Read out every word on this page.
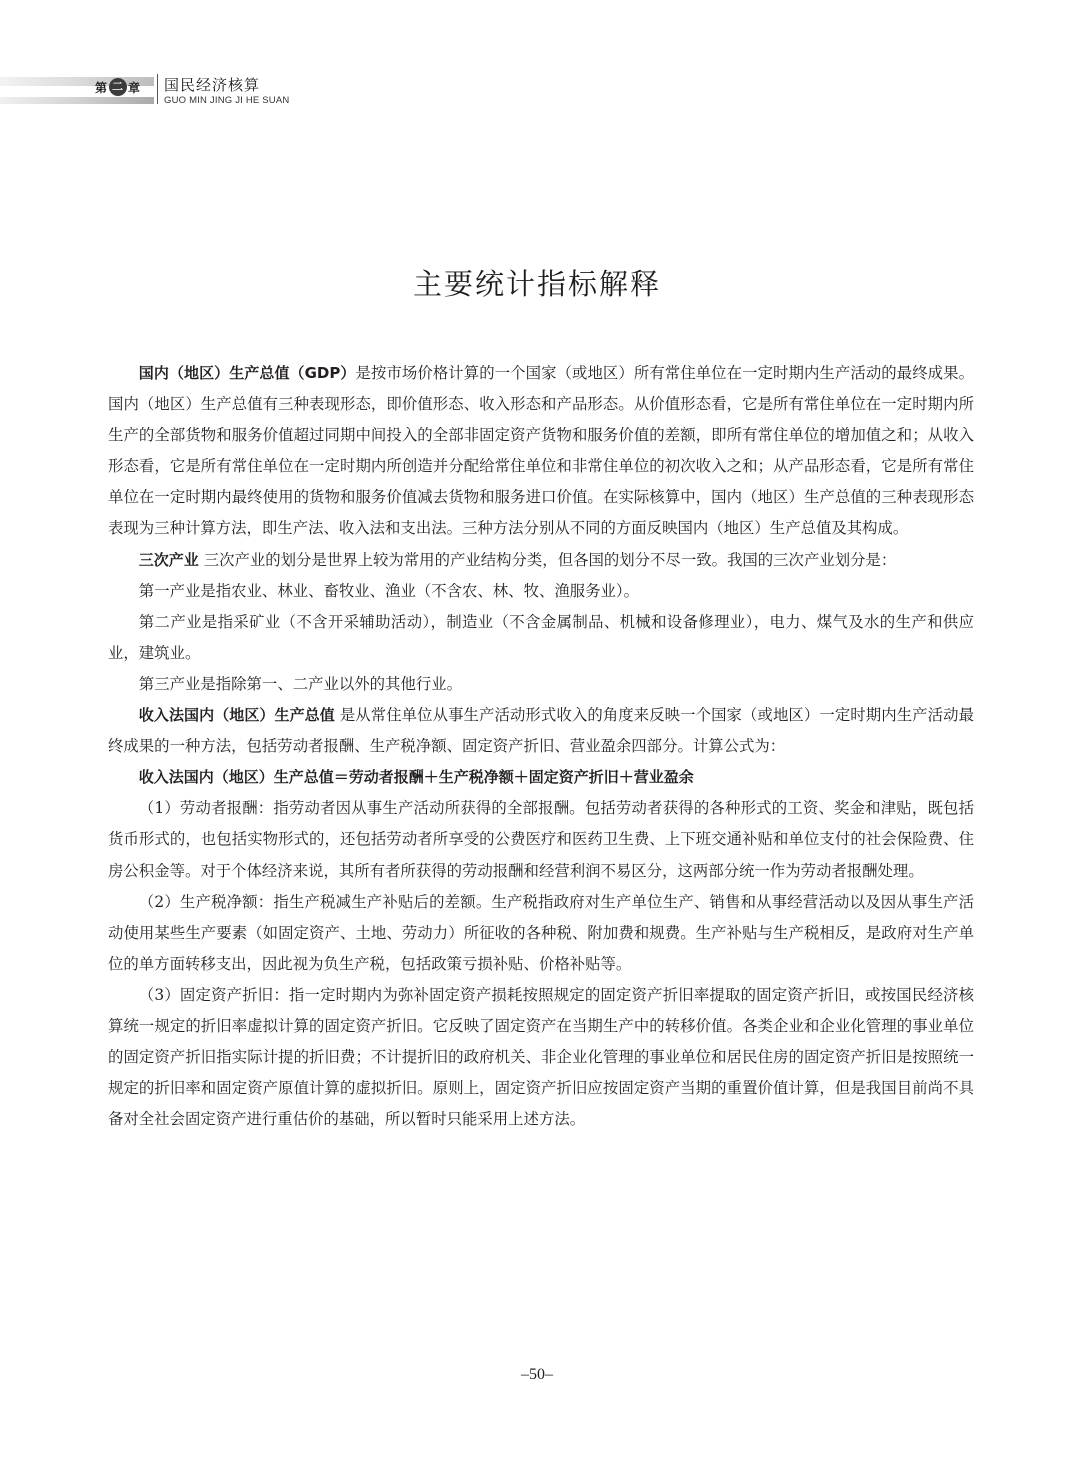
第 二 章 国民经济核算
GUO MIN JING JI HE SUAN
主要统计指标解释

国内（地区）生产总值（GDP）是按市场价格计算的一个国家（或地区）所有常住单位在一定时期内生产活动的最终成果。国内（地区）生产总值有三种表现形态，即价值形态、收入形态和产品形态。从价值形态看，它是所有常住单位在一定时期内所生产的全部货物和服务价值超过同期中间投入的全部非固定资产货物和服务价值的差额，即所有常住单位的增加值之和；从收入形态看，它是所有常住单位在一定时期内所创造并分配给常住单位和非常住单位的初次收入之和；从产品形态看，它是所有常住单位在一定时期内最终使用的货物和服务价值减去货物和服务进口价值。在实际核算中，国内（地区）生产总值的三种表现形态表现为三种计算方法，即生产法、收入法和支出法。三种方法分别从不同的方面反映国内（地区）生产总值及其构成。

三次产业 三次产业的划分是世界上较为常用的产业结构分类，但各国的划分不尽一致。我国的三次产业划分是：

第一产业是指农业、林业、畜牧业、渔业（不含农、林、牧、渔服务业）。

第二产业是指采矿业（不含开采辅助活动），制造业（不含金属制品、机械和设备修理业），电力、煤气及水的生产和供应业，建筑业。

第三产业是指除第一、二产业以外的其他行业。

收入法国内（地区）生产总值 是从常住单位从事生产活动形式收入的角度来反映一个国家（或地区）一定时期内生产活动最终成果的一种方法，包括劳动者报酬、生产税净额、固定资产折旧、营业盈余四部分。计算公式为：

收入法国内（地区）生产总值＝劳动者报酬＋生产税净额＋固定资产折旧＋营业盈余

（1）劳动者报酬：指劳动者因从事生产活动所获得的全部报酬。包括劳动者获得的各种形式的工资、奖金和津贴，既包括货币形式的，也包括实物形式的，还包括劳动者所享受的公费医疗和医药卫生费、上下班交通补贴和单位支付的社会保险费、住房公积金等。对于个体经济来说，其所有者所获得的劳动报酬和经营利润不易区分，这两部分统一作为劳动者报酬处理。

（2）生产税净额：指生产税减生产补贴后的差额。生产税指政府对生产单位生产、销售和从事经营活动以及因从事生产活动使用某些生产要素（如固定资产、土地、劳动力）所征收的各种税、附加费和规费。生产补贴与生产税相反，是政府对生产单位的单方面转移支出，因此视为负生产税，包括政策亏损补贴、价格补贴等。

（3）固定资产折旧：指一定时期内为弥补固定资产损耗按照规定的固定资产折旧率提取的固定资产折旧，或按国民经济核算统一规定的折旧率虚拟计算的固定资产折旧。它反映了固定资产在当期生产中的转移价值。各类企业和企业化管理的事业单位的固定资产折旧指实际计提的折旧费；不计提折旧的政府机关、非企业化管理的事业单位和居民住房的固定资产折旧是按照统一规定的折旧率和固定资产原值计算的虚拟折旧。原则上，固定资产折旧应按固定资产当期的重置价值计算，但是我国目前尚不具备对全社会固定资产进行重估价的基础，所以暂时只能采用上述方法。

–50–
